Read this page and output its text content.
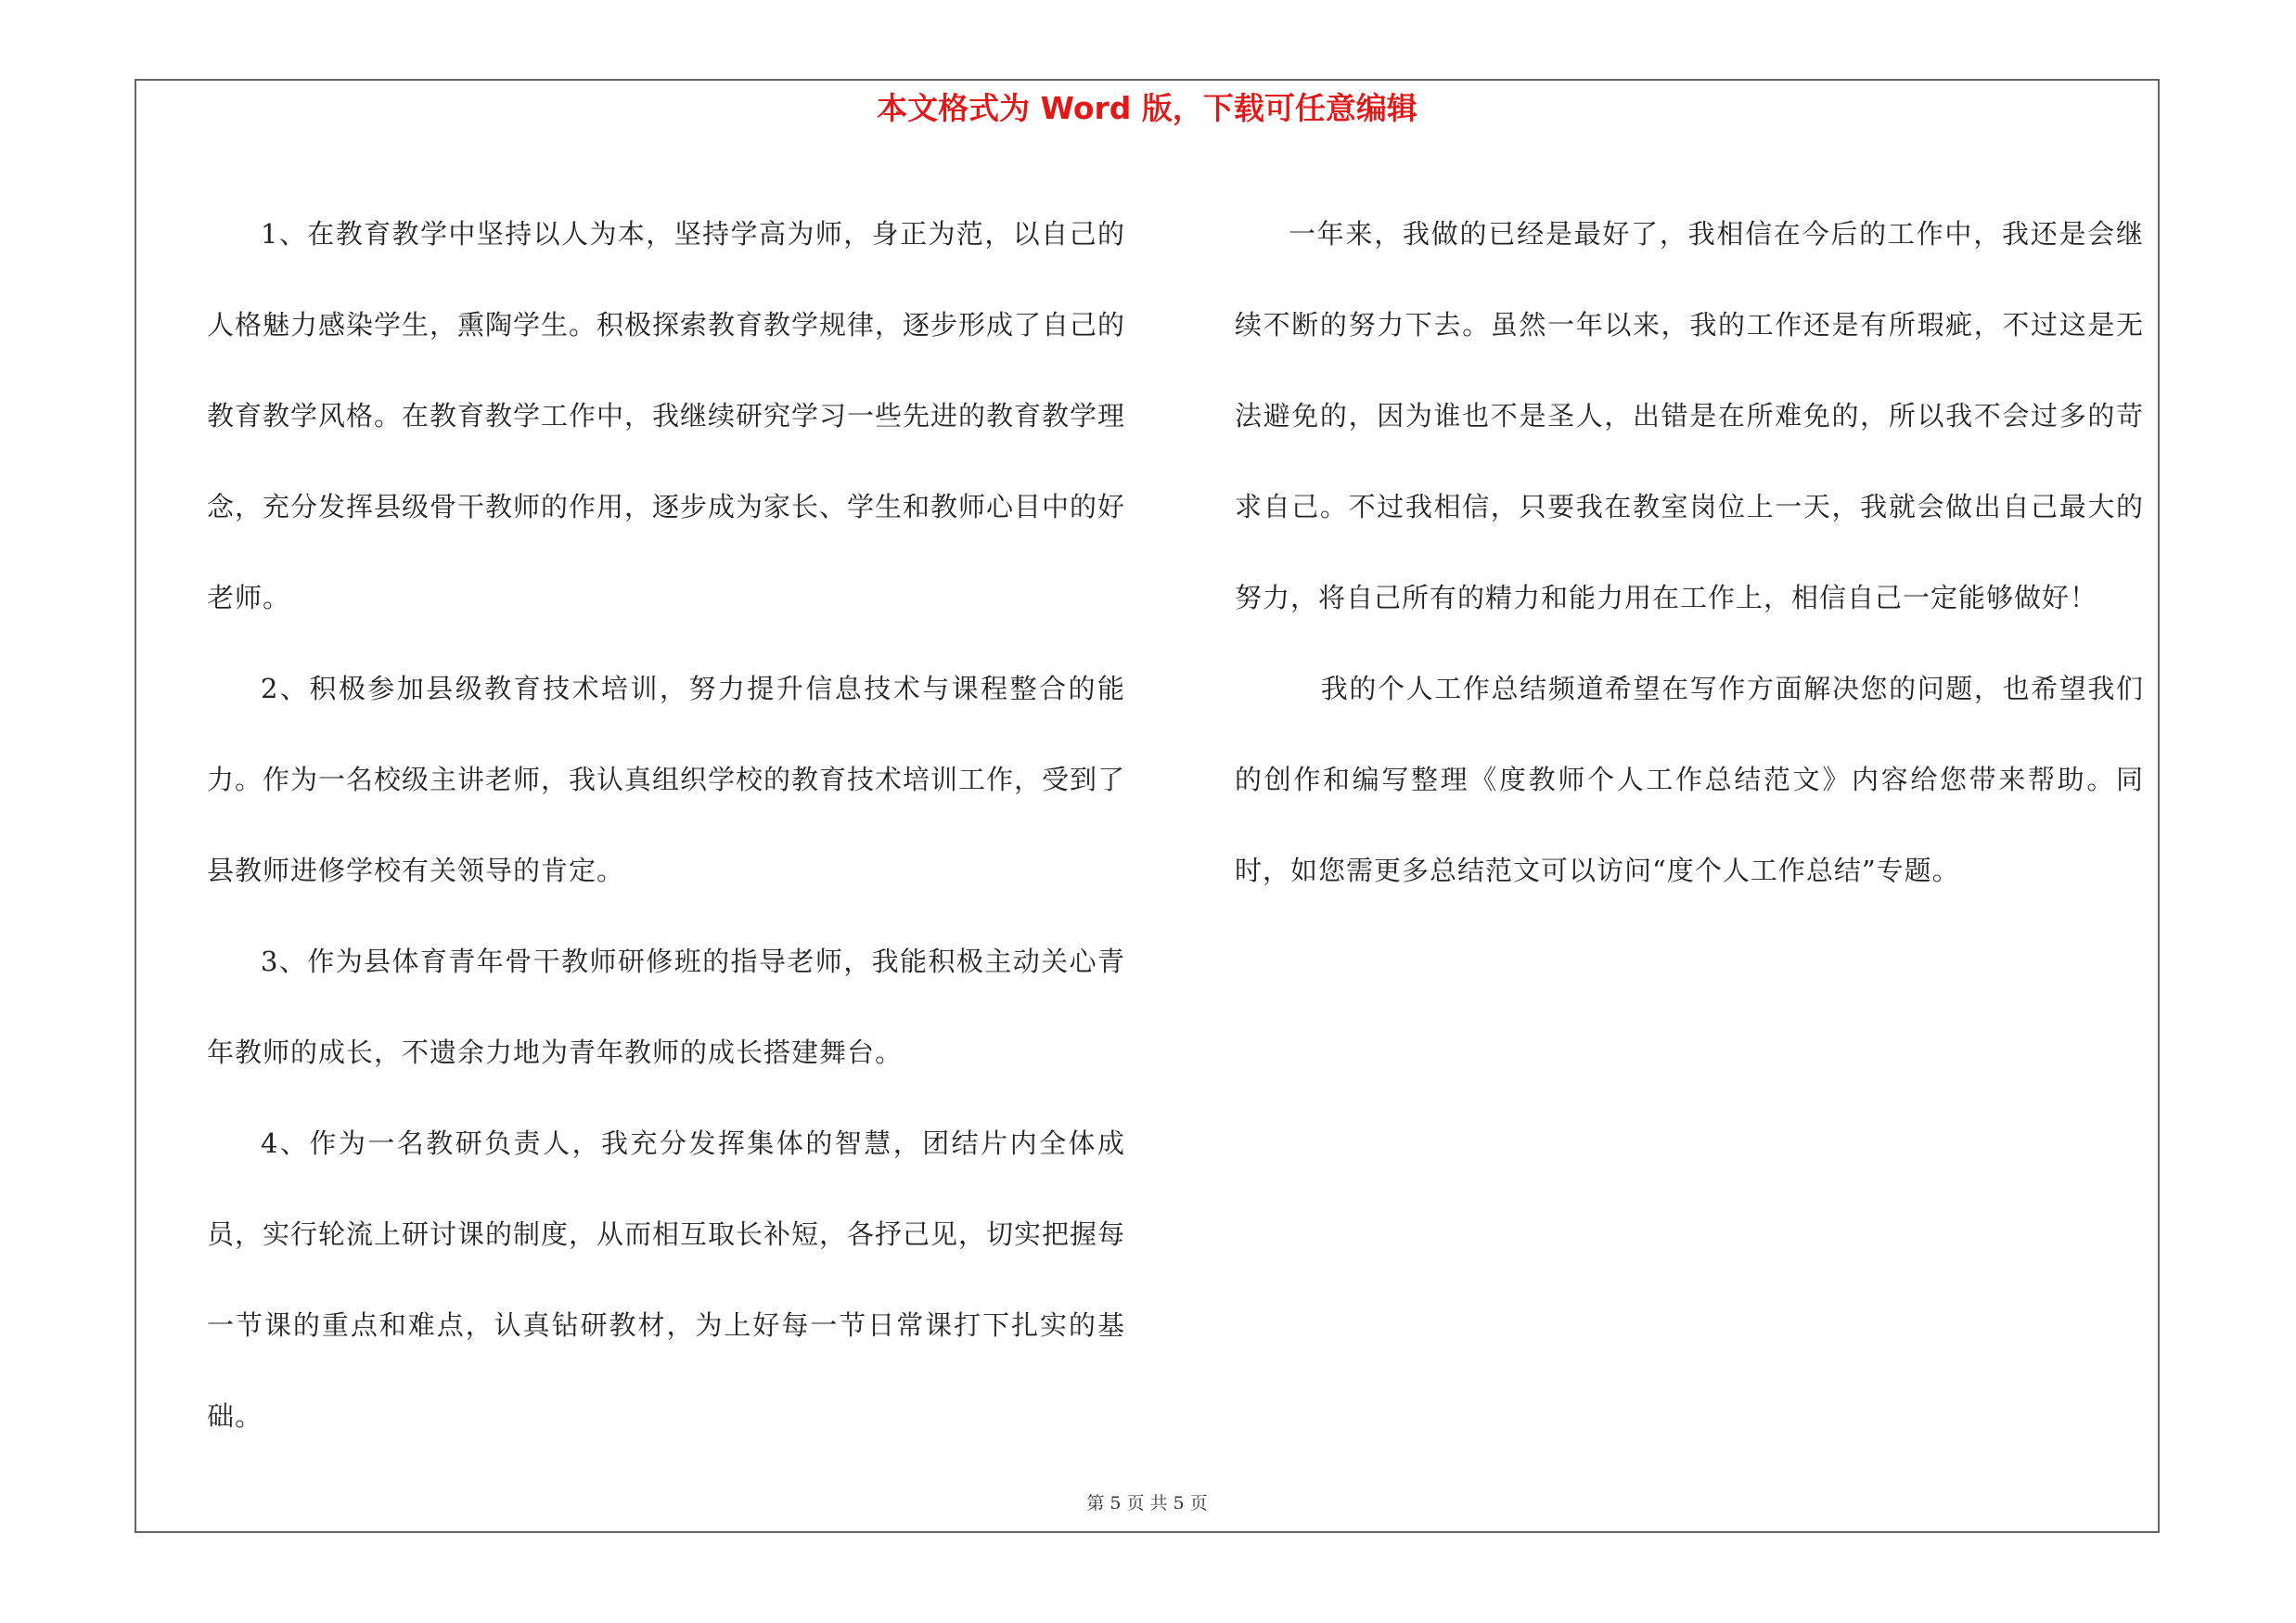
本文格式为 Word 版，下载可任意编辑

1、在教育教学中坚持以人为本，坚持学高为师，身正为范，以自己的人格魅力感染学生，熏陶学生。积极探索教育教学规律，逐步形成了自己的教育教学风格。在教育教学工作中，我继续研究学习一些先进的教育教学理念，充分发挥县级骨干教师的作用，逐步成为家长、学生和教师心目中的好老师。

2、积极参加县级教育技术培训，努力提升信息技术与课程整合的能力。作为一名校级主讲老师，我认真组织学校的教育技术培训工作，受到了县教师进修学校有关领导的肯定。

3、作为县体育青年骨干教师研修班的指导老师，我能积极主动关心青年教师的成长，不遗余力地为青年教师的成长搭建舞台。

4、作为一名教研负责人，我充分发挥集体的智慧，团结片内全体成员，实行轮流上研讨课的制度，从而相互取长补短，各抒己见，切实把握每一节课的重点和难点，认真钻研教材，为上好每一节日常课打下扎实的基础。

一年来，我做的已经是最好了，我相信在今后的工作中，我还是会继续不断的努力下去。虽然一年以来，我的工作还是有所瑕疵，不过这是无法避免的，因为谁也不是圣人，出错是在所难免的，所以我不会过多的苛求自己。不过我相信，只要我在教室岗位上一天，我就会做出自己最大的努力，将自己所有的精力和能力用在工作上，相信自己一定能够做好！

我的个人工作总结频道希望在写作方面解决您的问题，也希望我们的创作和编写整理《度教师个人工作总结范文》内容给您带来帮助。同时，如您需更多总结范文可以访问“度个人工作总结”专题。

第 5 页 共 5 页
